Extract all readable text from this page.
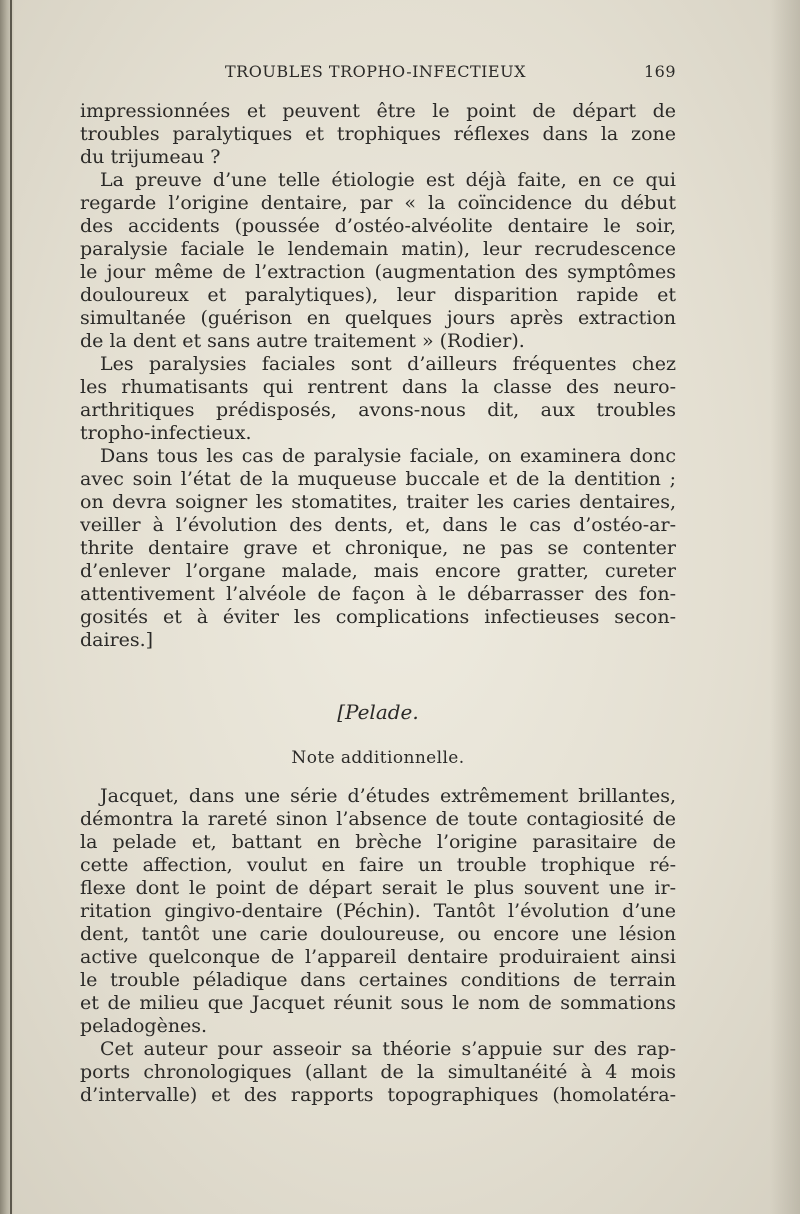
TROUBLES TROPHO-INFECTIEUX	169
impressionnées et peuvent être le point de départ de
troubles paralytiques et trophiques réflexes dans la zone
du trijumeau ?
La preuve d’une telle étiologie est déjà faite, en ce qui
regarde l’origine dentaire, par « la coïncidence du début
des accidents (poussée d’ostéo-alvéolite dentaire le soir,
paralysie faciale le lendemain matin), leur recrudescence
le jour même de l’extraction (augmentation des symptômes
douloureux et paralytiques), leur disparition rapide et
simultanée (guérison en quelques jours après extraction
de la dent et sans autre traitement » (Rodier).
Les paralysies faciales sont d’ailleurs fréquentes chez
les rhumatisants qui rentrent dans la classe des neuro-
arthritiques prédisposés, avons-nous dit, aux troubles
tropho-infectieux.
Dans tous les cas de paralysie faciale, on examinera donc
avec soin l’état de la muqueuse buccale et de la dentition ;
on devra soigner les stomatites, traiter les caries dentaires,
veiller à l’évolution des dents, et, dans le cas d’ostéo-ar-
thrite dentaire grave et chronique, ne pas se contenter
d’enlever l’organe malade, mais encore gratter, cureter
attentivement l’alvéole de façon à le débarrasser des fon-
gosités et à éviter les complications infectieuses secon-
daires.]
[Pelade.
Note additionnelle.
Jacquet, dans une série d’études extrêmement brillantes,
démontra la rareté sinon l’absence de toute contagiosité de
la pelade et, battant en brèche l’origine parasitaire de
cette affection, voulut en faire un trouble trophique ré-
flexe dont le point de départ serait le plus souvent une ir-
ritation gingivo-dentaire (Péchin). Tantôt l’évolution d’une
dent, tantôt une carie douloureuse, ou encore une lésion
active quelconque de l’appareil dentaire produiraient ainsi
le trouble péladique dans certaines conditions de terrain
et de milieu que Jacquet réunit sous le nom de sommations
peladogènes.
Cet auteur pour asseoir sa théorie s’appuie sur des rap-
ports chronologiques (allant de la simultanéité à 4 mois
d’intervalle) et des rapports topographiques (homolatéra-
